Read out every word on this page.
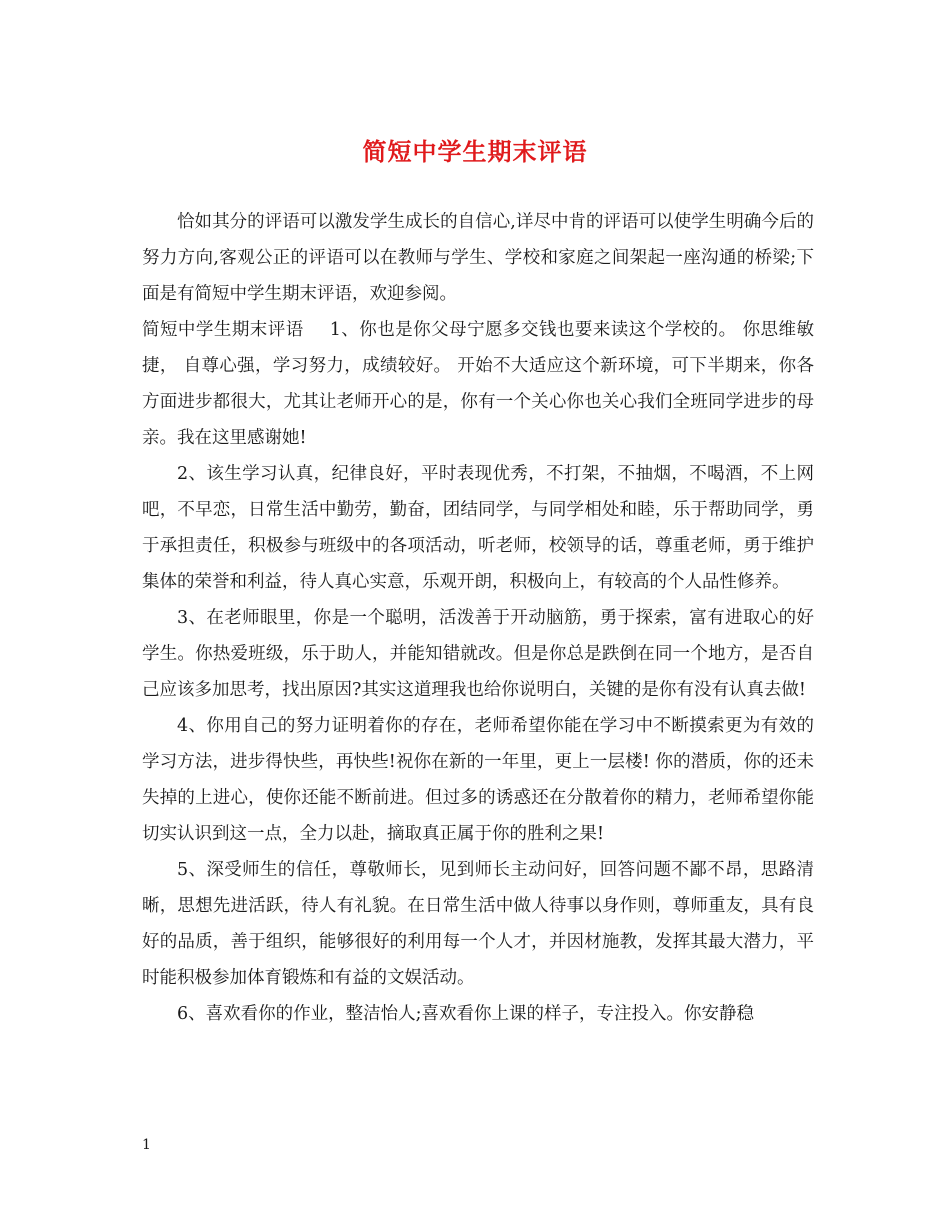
简短中学生期末评语

恰如其分的评语可以激发学生成长的自信心,详尽中肯的评语可以使学生明确今后的努力方向,客观公正的评语可以在教师与学生、学校和家庭之间架起一座沟通的桥梁;下面是有简短中学生期末评语，欢迎参阅。

简短中学生期末评语 1、你也是你父母宁愿多交钱也要来读这个学校的。 你思维敏捷， 自尊心强，学习努力，成绩较好。 开始不大适应这个新环境，可下半期来，你各方面进步都很大，尤其让老师开心的是，你有一个关心你也关心我们全班同学进步的母亲。我在这里感谢她!

2、该生学习认真，纪律良好，平时表现优秀，不打架，不抽烟，不喝酒，不上网吧，不早恋，日常生活中勤劳，勤奋，团结同学，与同学相处和睦，乐于帮助同学，勇于承担责任，积极参与班级中的各项活动，听老师，校领导的话，尊重老师，勇于维护集体的荣誉和利益，待人真心实意，乐观开朗，积极向上，有较高的个人品性修养。

3、在老师眼里，你是一个聪明，活泼善于开动脑筋，勇于探索，富有进取心的好学生。你热爱班级，乐于助人，并能知错就改。但是你总是跌倒在同一个地方，是否自己应该多加思考，找出原因?其实这道理我也给你说明白，关键的是你有没有认真去做!

4、你用自己的努力证明着你的存在，老师希望你能在学习中不断摸索更为有效的学习方法，进步得快些，再快些!祝你在新的一年里，更上一层楼! 你的潜质，你的还未失掉的上进心，使你还能不断前进。但过多的诱惑还在分散着你的精力，老师希望你能切实认识到这一点，全力以赴，摘取真正属于你的胜利之果!

5、深受师生的信任，尊敬师长，见到师长主动问好，回答问题不鄙不昂，思路清晰，思想先进活跃，待人有礼貌。在日常生活中做人待事以身作则，尊师重友，具有良好的品质，善于组织，能够很好的利用每一个人才，并因材施教，发挥其最大潜力，平时能积极参加体育锻炼和有益的文娱活动。

6、喜欢看你的作业，整洁怡人;喜欢看你上课的样子，专注投入。你安静稳

1
